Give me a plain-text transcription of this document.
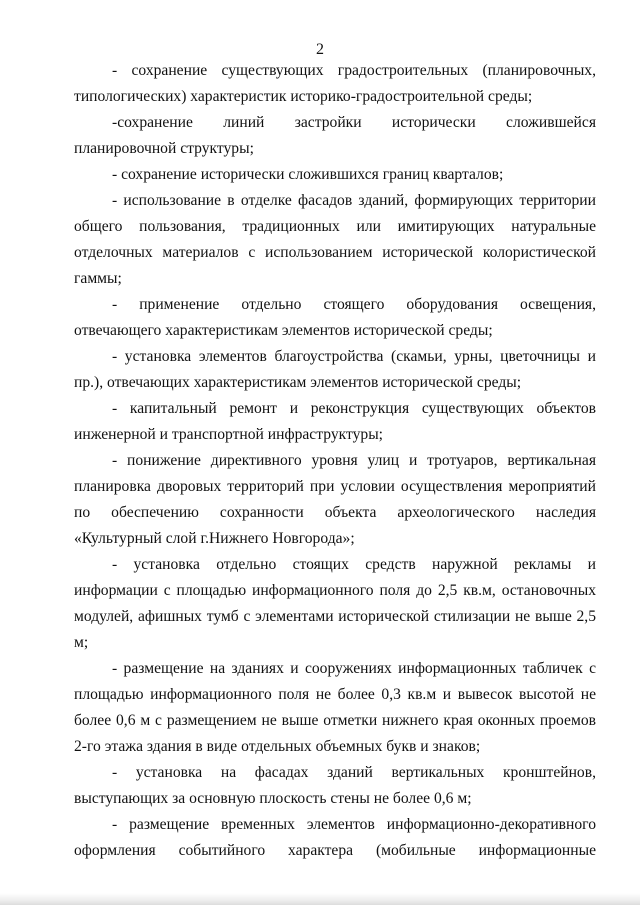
2

- сохранение существующих градостроительных (планировочных, типологических) характеристик историко-градостроительной среды;

-сохранение линий застройки исторически сложившейся планировочной структуры;

- сохранение исторически сложившихся границ кварталов;

- использование в отделке фасадов зданий, формирующих территории общего пользования, традиционных или имитирующих натуральные отделочных материалов с использованием исторической колористической гаммы;

- применение отдельно стоящего оборудования освещения, отвечающего характеристикам элементов исторической среды;

- установка элементов благоустройства (скамьи, урны, цветочницы и пр.), отвечающих характеристикам элементов исторической среды;

- капитальный ремонт и реконструкция существующих объектов инженерной и транспортной инфраструктуры;

- понижение директивного уровня улиц и тротуаров, вертикальная планировка дворовых территорий при условии осуществления мероприятий по обеспечению сохранности объекта археологического наследия «Культурный слой г.Нижнего Новгорода»;

- установка отдельно стоящих средств наружной рекламы и информации с площадью информационного поля до 2,5 кв.м, остановочных модулей, афишных тумб с элементами исторической стилизации не выше 2,5 м;

- размещение на зданиях и сооружениях информационных табличек с площадью информационного поля не более 0,3 кв.м и вывесок высотой не более 0,6 м с размещением не выше отметки нижнего края оконных проемов 2-го этажа здания в виде отдельных объемных букв и знаков;

- установка на фасадах зданий вертикальных кронштейнов, выступающих за основную плоскость стены не более 0,6 м;

- размещение временных элементов информационно-декоративного оформления событийного характера (мобильные информационные
